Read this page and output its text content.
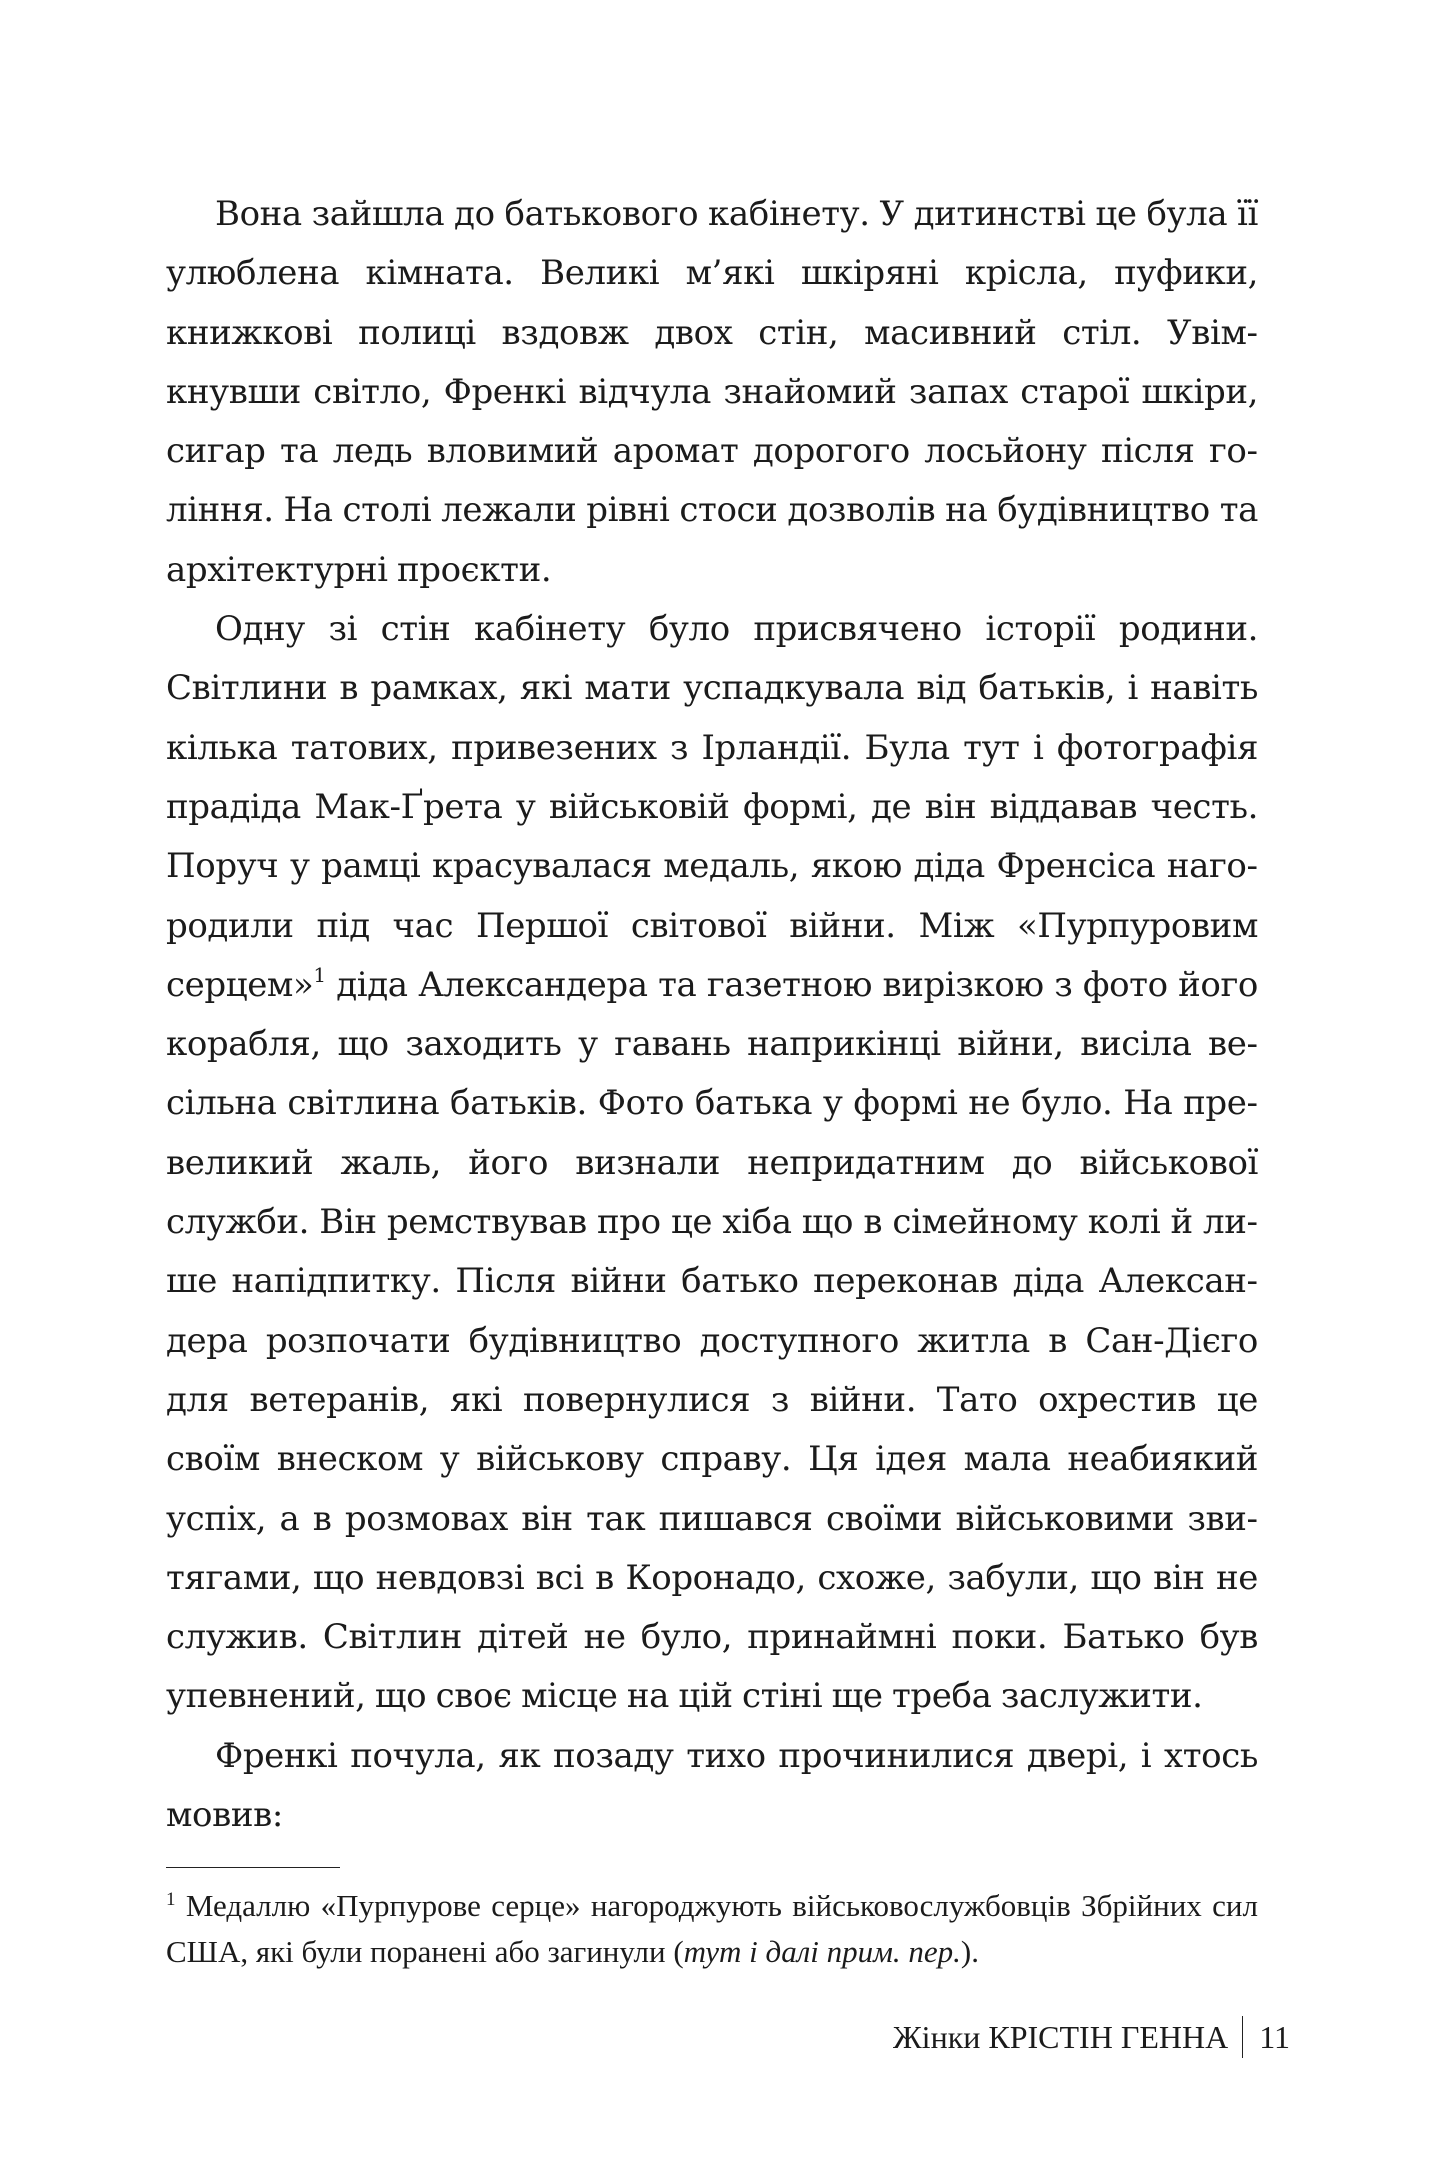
Вона зайшла до батькового кабінету. У дитинстві це була її улюблена кімната. Великі м’які шкіряні крісла, пуфики, книжкові полиці вздовж двох стін, масивний стіл. Увімкнувши світло, Френкі відчула знайомий запах старої шкіри, сигар та ледь вловимий аромат дорогого лосьйону після гоління. На столі лежали рівні стоси дозволів на будівництво та архітектурні проєкти.

Одну зі стін кабінету було присвячено історії родини. Світлини в рамках, які мати успадкувала від батьків, і навіть кілька татових, привезених з Ірландії. Була тут і фотографія прадіда Мак-Ґрета у військовій формі, де він віддавав честь. Поруч у рамці красувалася медаль, якою діда Френсіса нагородили під час Першої світової війни. Між «Пурпуровим серцем»$^1$ діда Александера та газетною вирізкою з фото його корабля, що заходить у гавань наприкінці війни, висіла весільна світлина батьків. Фото батька у формі не було. На превеликий жаль, його визнали непридатним до військової служби. Він ремствував про це хіба що в сімейному колі й лише напідпитку. Після війни батько переконав діда Александера розпочати будівництво доступного житла в Сан-Дієго для ветеранів, які повернулися з війни. Тато охрестив це своїм внеском у військову справу. Ця ідея мала неабиякий успіх, а в розмовах він так пишався своїми військовими звитягами, що невдовзі всі в Коронадо, схоже, забули, що він не служив. Світлин дітей не було, принаймні поки. Батько був упевнений, що своє місце на цій стіні ще треба заслужити.

Френкі почула, як позаду тихо прочинилися двері, і хтось мовив:

$^1$ Медаллю «Пурпурове серце» нагороджують військовослужбовців Збрійних сил США, які були поранені або загинули (тут і далі прим. пер.).

Жінки КРІСТІН ГЕННА 11
